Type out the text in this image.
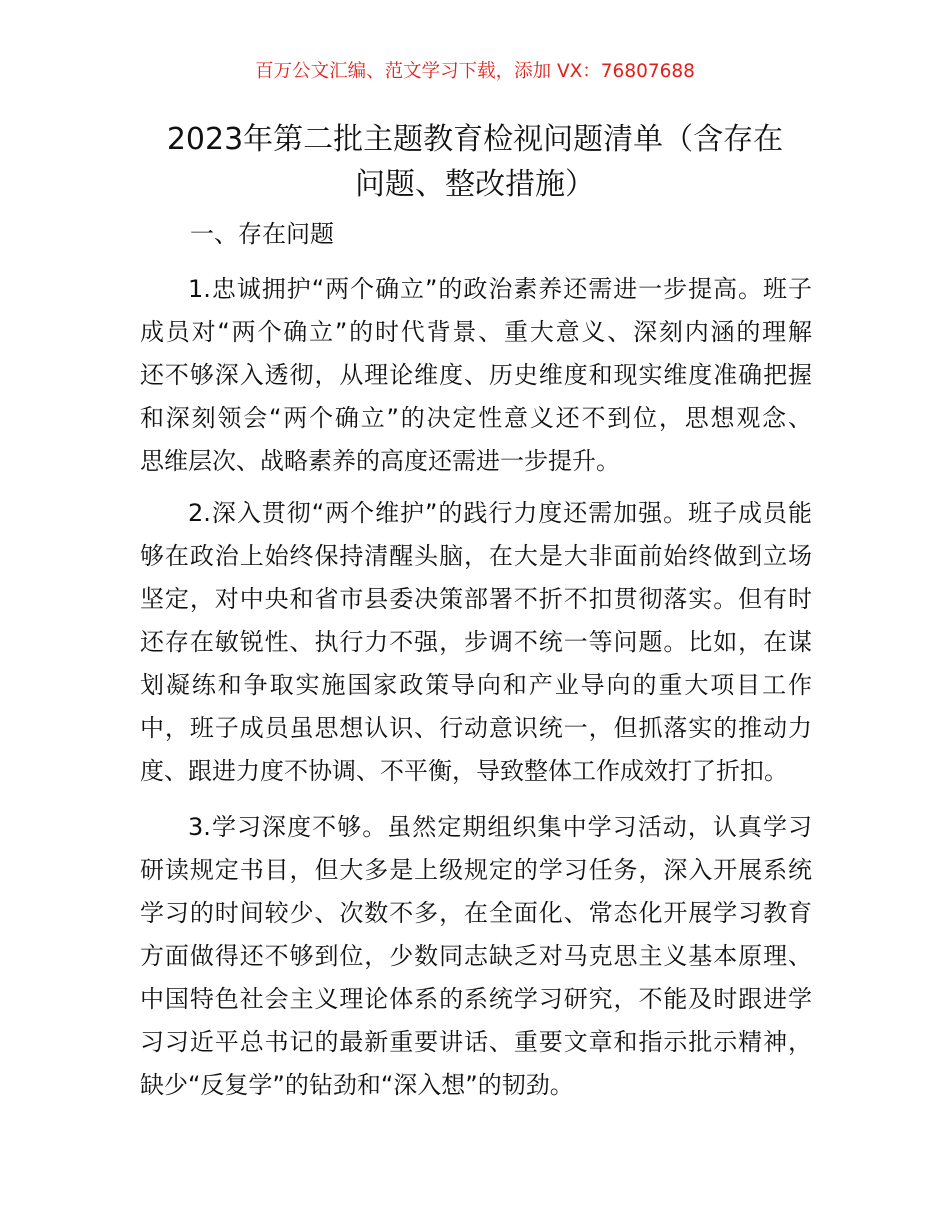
百万公文汇编、范文学习下载，添加 VX：76807688
2023年第二批主题教育检视问题清单（含存在
问题、整改措施）
一、存在问题
1.忠诚拥护“两个确立”的政治素养还需进一步提高。班子
成员对“两个确立”的时代背景、重大意义、深刻内涵的理解
还不够深入透彻，从理论维度、历史维度和现实维度准确把握
和深刻领会“两个确立”的决定性意义还不到位，思想观念、
思维层次、战略素养的高度还需进一步提升。
2.深入贯彻“两个维护”的践行力度还需加强。班子成员能
够在政治上始终保持清醒头脑，在大是大非面前始终做到立场
坚定，对中央和省市县委决策部署不折不扣贯彻落实。但有时
还存在敏锐性、执行力不强，步调不统一等问题。比如，在谋
划凝练和争取实施国家政策导向和产业导向的重大项目工作
中，班子成员虽思想认识、行动意识统一，但抓落实的推动力
度、跟进力度不协调、不平衡，导致整体工作成效打了折扣。
3.学习深度不够。虽然定期组织集中学习活动，认真学习
研读规定书目，但大多是上级规定的学习任务，深入开展系统
学习的时间较少、次数不多，在全面化、常态化开展学习教育
方面做得还不够到位，少数同志缺乏对马克思主义基本原理、
中国特色社会主义理论体系的系统学习研究，不能及时跟进学
习习近平总书记的最新重要讲话、重要文章和指示批示精神，
缺少“反复学”的钻劲和“深入想”的韧劲。
